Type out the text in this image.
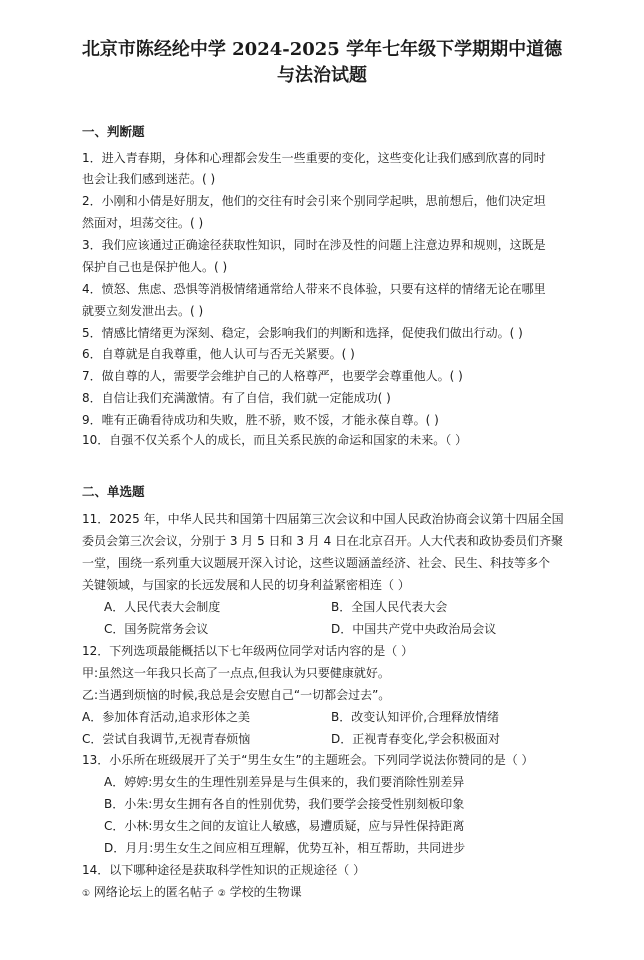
北京市陈经纶中学 2024-2025 学年七年级下学期期中道德
与法治试题
一、判断题
1．进入青春期，身体和心理都会发生一些重要的变化，这些变化让我们感到欣喜的同时
也会让我们感到迷茫。( )
2．小刚和小倩是好朋友，他们的交往有时会引来个别同学起哄，思前想后，他们决定坦
然面对，坦荡交往。( )
3．我们应该通过正确途径获取性知识，同时在涉及性的问题上注意边界和规则，这既是
保护自己也是保护他人。( )
4．愤怒、焦虑、恐惧等消极情绪通常给人带来不良体验，只要有这样的情绪无论在哪里
就要立刻发泄出去。( )
5．情感比情绪更为深刻、稳定，会影响我们的判断和选择，促使我们做出行动。( )
6．自尊就是自我尊重，他人认可与否无关紧要。( )
7．做自尊的人，需要学会维护自己的人格尊严，也要学会尊重他人。( )
8．自信让我们充满激情。有了自信，我们就一定能成功( )
9．唯有正确看待成功和失败，胜不骄，败不馁，才能永葆自尊。( )
10．自强不仅关系个人的成长，而且关系民族的命运和国家的未来。（ ）
二、单选题
11．2025 年，中华人民共和国第十四届第三次会议和中国人民政治协商会议第十四届全国
委员会第三次会议，分别于 3 月 5 日和 3 月 4 日在北京召开。人大代表和政协委员们齐聚
一堂，围绕一系列重大议题展开深入讨论，这些议题涵盖经济、社会、民生、科技等多个
关键领域，与国家的长远发展和人民的切身利益紧密相连（ ）
A．人民代表大会制度	B．全国人民代表大会
C．国务院常务会议	D．中国共产党中央政治局会议
12．下列选项最能概括以下七年级两位同学对话内容的是（ ）
甲:虽然这一年我只长高了一点点,但我认为只要健康就好。
乙:当遇到烦恼的时候,我总是会安慰自己“一切都会过去”。
A．参加体育活动,追求形体之美	B．改变认知评价,合理释放情绪
C．尝试自我调节,无视青春烦恼	D．正视青春变化,学会积极面对
13．小乐所在班级展开了关于“男生女生”的主题班会。下列同学说法你赞同的是（ ）
A．婷婷:男女生的生理性别差异是与生俱来的，我们要消除性别差异
B．小朱:男女生拥有各自的性别优势，我们要学会接受性别刻板印象
C．小林:男女生之间的友谊让人敏感，易遭质疑，应与异性保持距离
D．月月:男生女生之间应相互理解，优势互补，相互帮助，共同进步
14．以下哪种途径是获取科学性知识的正规途径（ ）
① 网络论坛上的匿名帖子 ② 学校的生物课
